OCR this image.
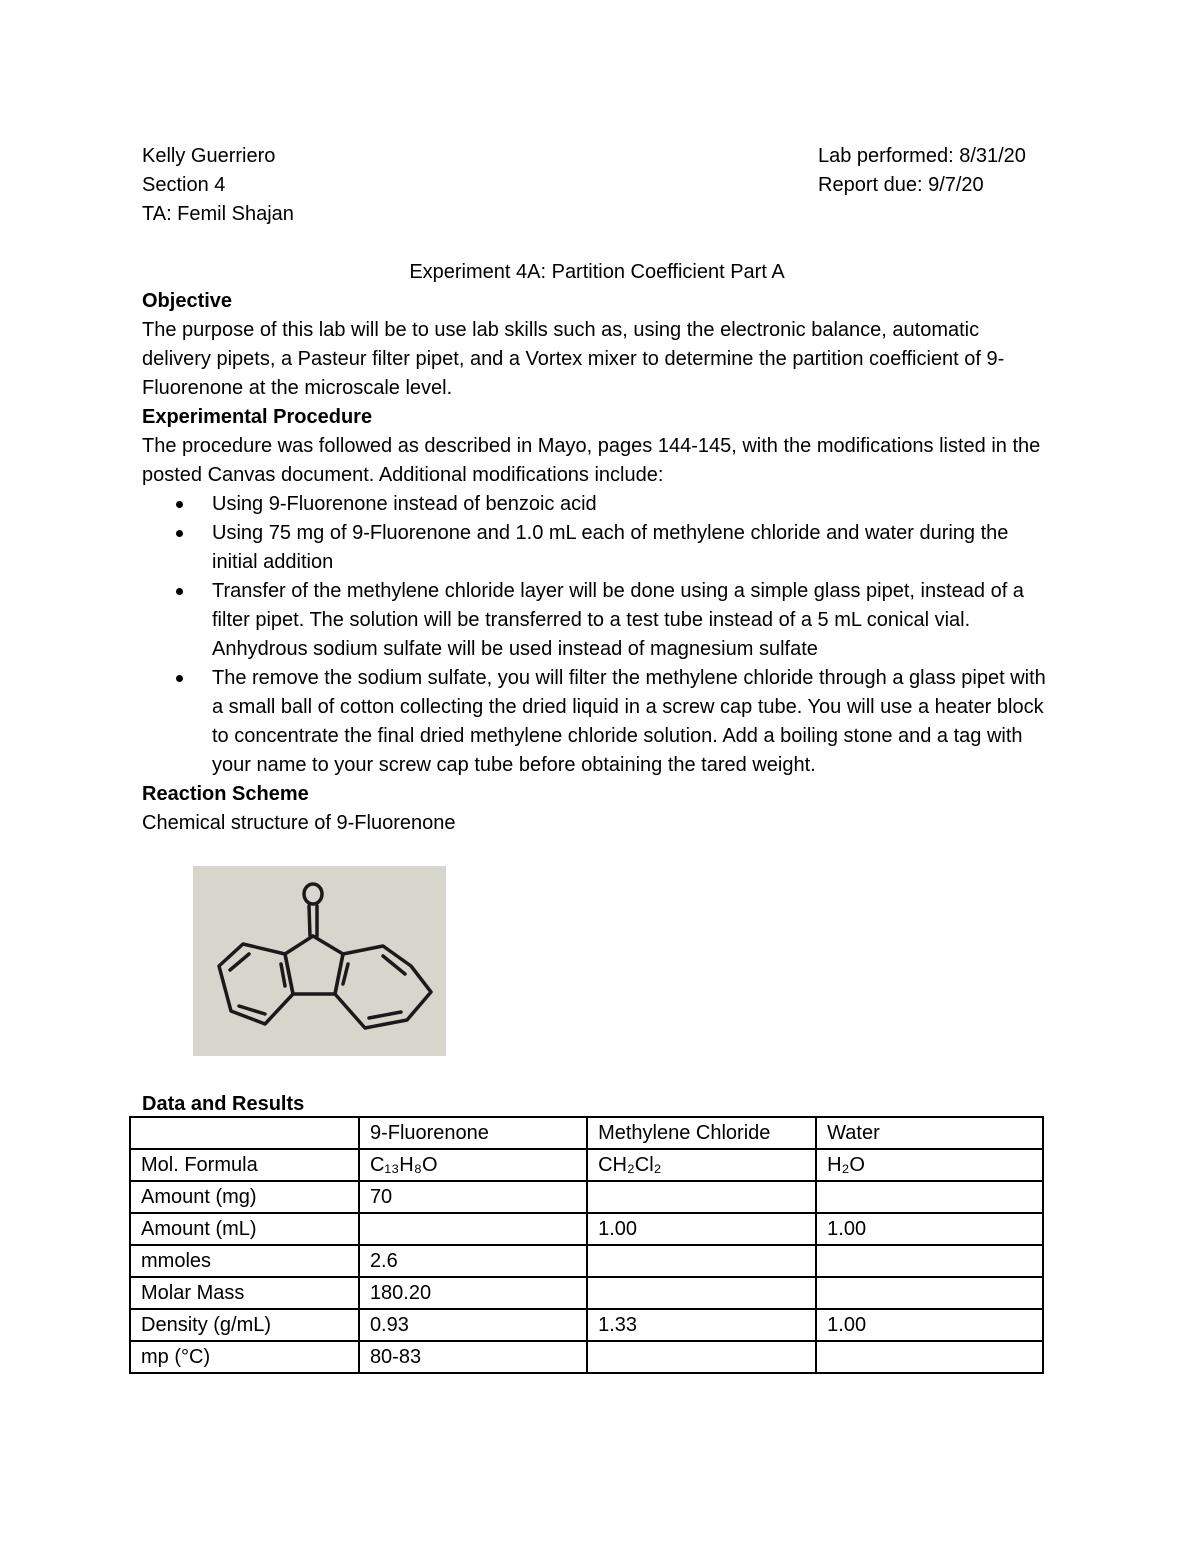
Kelly Guerriero	Lab performed: 8/31/20
Section 4	Report due: 9/7/20
TA: Femil Shajan

Experiment 4A: Partition Coefficient Part A

Objective

The purpose of this lab will be to use lab skills such as, using the electronic balance, automatic delivery pipets, a Pasteur filter pipet, and a Vortex mixer to determine the partition coefficient of 9-Fluorenone at the microscale level.

Experimental Procedure

The procedure was followed as described in Mayo, pages 144-145, with the modifications listed in the posted Canvas document. Additional modifications include:

Using 9-Fluorenone instead of benzoic acid
Using 75 mg of 9-Fluorenone and 1.0 mL each of methylene chloride and water during the initial addition
Transfer of the methylene chloride layer will be done using a simple glass pipet, instead of a filter pipet. The solution will be transferred to a test tube instead of a 5 mL conical vial. Anhydrous sodium sulfate will be used instead of magnesium sulfate
The remove the sodium sulfate, you will filter the methylene chloride through a glass pipet with a small ball of cotton collecting the dried liquid in a screw cap tube. You will use a heater block to concentrate the final dried methylene chloride solution. Add a boiling stone and a tag with your name to your screw cap tube before obtaining the tared weight.

Reaction Scheme

Chemical structure of 9-Fluorenone

Data and Results
	9-Fluorenone	Methylene Chloride	Water
Mol. Formula	C₁₃H₈O	CH₂Cl₂	H₂O
Amount (mg)	70		
Amount (mL)		1.00	1.00
mmoles	2.6		
Molar Mass	180.20		
Density (g/mL)	0.93	1.33	1.00
mp (°C)	80-83		
